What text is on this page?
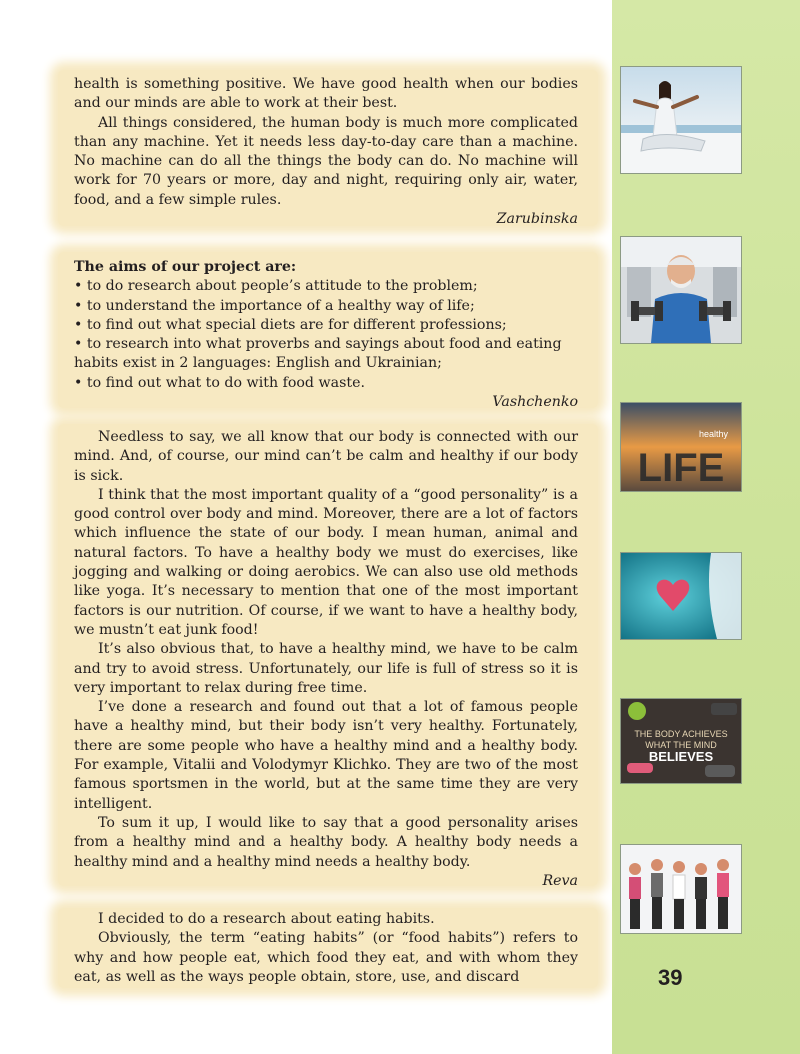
health is something positive. We have good health when our bodies and our minds are able to work at their best.

All things considered, the human body is much more complicated than any machine. Yet it needs less day-to-day care than a machine. No machine can do all the things the body can do. No machine will work for 70 years or more, day and night, requiring only air, water, food, and a few simple rules.

Zarubinska

The aims of our project are:

• to do research about people’s attitude to the problem;

• to understand the importance of a healthy way of life;

• to find out what special diets are for different professions;

• to research into what proverbs and sayings about food and eating habits exist in 2 languages: English and Ukrainian;

• to find out what to do with food waste.

Vashchenko

Needless to say, we all know that our body is connected with our mind. And, of course, our mind can’t be calm and healthy if our body is sick.

I think that the most important quality of a “good personality” is a good control over body and mind. Moreover, there are a lot of factors which influence the state of our body. I mean human, animal and natural factors. To have a healthy body we must do exercises, like jogging and walking or doing aerobics. We can also use old methods like yoga. It’s necessary to mention that one of the most important factors is our nutrition. Of course, if we want to have a healthy body, we mustn’t eat junk food!

It’s also obvious that, to have a healthy mind, we have to be calm and try to avoid stress. Unfortunately, our life is full of stress so it is very important to relax during free time.

I’ve done a research and found out that a lot of famous people have a healthy mind, but their body isn’t very healthy. Fortunately, there are some people who have a healthy mind and a healthy body. For example, Vitalii and Volodymyr Klichko. They are two of the most famous sportsmen in the world, but at the same time they are very intelligent.

To sum it up, I would like to say that a good personality arises from a healthy mind and a healthy body. A healthy body needs a healthy mind and a healthy mind needs a healthy body.

Reva

I decided to do a research about eating habits.

Obviously, the term “eating habits” (or “food habits”) refers to why and how people eat, which food they eat, and with whom they eat, as well as the ways people obtain, store, use, and discard

LIFE
healthy
THE BODY ACHIEVES
WHAT THE MIND
BELIEVES
39
